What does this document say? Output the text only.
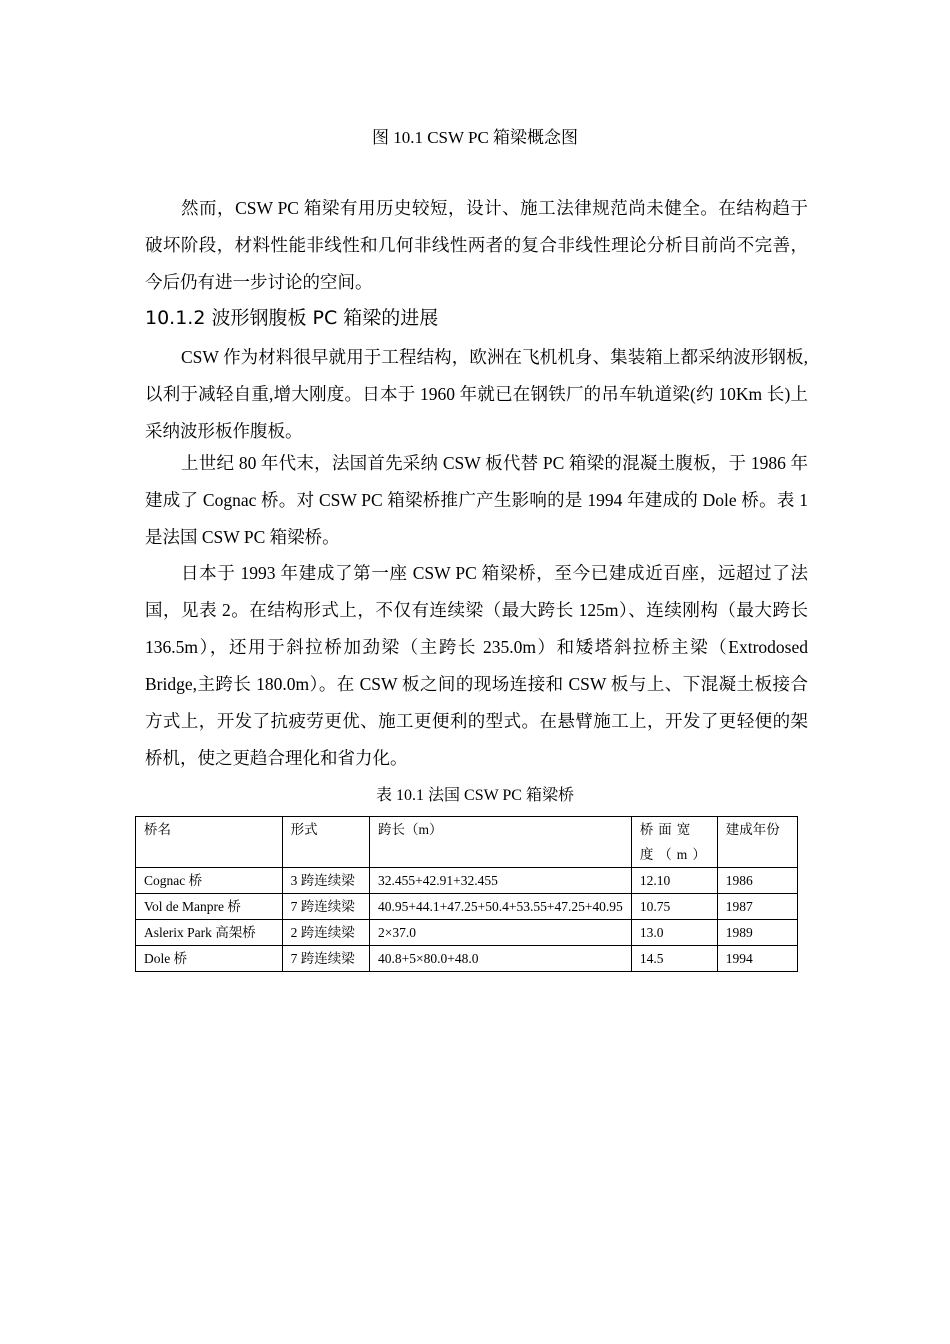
图 10.1 CSW PC 箱梁概念图

然而，CSW PC 箱梁有用历史较短，设计、施工法律规范尚未健全。在结构趋于破坏阶段，材料性能非线性和几何非线性两者的复合非线性理论分析目前尚不完善，今后仍有进一步讨论的空间。

10.1.2 波形钢腹板 PC 箱梁的进展

CSW 作为材料很早就用于工程结构，欧洲在飞机机身、集装箱上都采纳波形钢板,以利于减轻自重,增大刚度。日本于 1960 年就已在钢铁厂的吊车轨道梁(约 10Km 长)上采纳波形板作腹板。

上世纪 80 年代末，法国首先采纳 CSW 板代替 PC 箱梁的混凝土腹板，于 1986 年建成了 Cognac 桥。对 CSW PC 箱梁桥推广产生影响的是 1994 年建成的 Dole 桥。表 1 是法国 CSW PC 箱梁桥。

日本于 1993 年建成了第一座 CSW PC 箱梁桥，至今已建成近百座，远超过了法国，见表 2。在结构形式上，不仅有连续梁（最大跨长 125m）、连续刚构（最大跨长 136.5m），还用于斜拉桥加劲梁（主跨长 235.0m）和矮塔斜拉桥主梁（Extrodosed Bridge,主跨长 180.0m）。在 CSW 板之间的现场连接和 CSW 板与上、下混凝土板接合方式上，开发了抗疲劳更优、施工更便利的型式。在悬臂施工上，开发了更轻便的架桥机，使之更趋合理化和省力化。

表 10.1 法国 CSW PC 箱梁桥
桥名	形式	跨长（m）	桥面宽度（m）	建成年份
Cognac 桥	3 跨连续梁	32.455+42.91+32.455	12.10	1986
Vol de Manpre 桥	7 跨连续梁	40.95+44.1+47.25+50.4+53.55+47.25+40.95	10.75	1987
Aslerix Park 高架桥	2 跨连续梁	2×37.0	13.0	1989
Dole 桥	7 跨连续梁	40.8+5×80.0+48.0	14.5	1994
